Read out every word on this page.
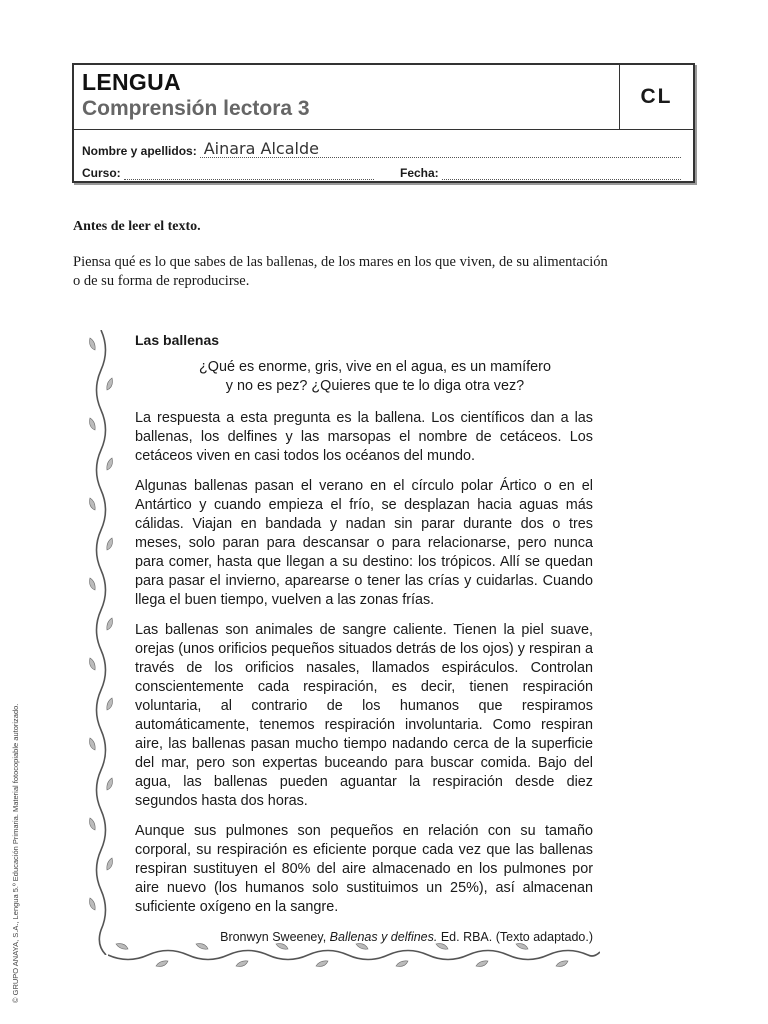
LENGUA
Comprensión lectora 3
CL
Nombre y apellidos: Ainara Alcalde
Curso:	Fecha:
Antes de leer el texto.
Piensa qué es lo que sabes de las ballenas, de los mares en los que viven, de su alimentación o de su forma de reproducirse.
Las ballenas
¿Qué es enorme, gris, vive en el agua, es un mamífero
y no es pez? ¿Quieres que te lo diga otra vez?

La respuesta a esta pregunta es la ballena. Los científicos dan a las ballenas, los delfines y las marsopas el nombre de cetáceos. Los cetáceos viven en casi todos los océanos del mundo.

Algunas ballenas pasan el verano en el círculo polar Ártico o en el Antártico y cuando empieza el frío, se desplazan hacia aguas más cálidas. Viajan en bandada y nadan sin parar durante dos o tres meses, solo paran para descansar o para relacionarse, pero nunca para comer, hasta que llegan a su destino: los trópicos. Allí se quedan para pasar el invierno, aparearse o tener las crías y cuidarlas. Cuando llega el buen tiempo, vuelven a las zonas frías.

Las ballenas son animales de sangre caliente. Tienen la piel suave, orejas (unos orificios pequeños situados detrás de los ojos) y respiran a través de los orificios nasales, llamados espiráculos. Controlan conscientemente cada respiración, es decir, tienen respiración voluntaria, al contrario de los humanos que respiramos automáticamente, tenemos respiración involuntaria. Como respiran aire, las ballenas pasan mucho tiempo nadando cerca de la superficie del mar, pero son expertas buceando para buscar comida. Bajo del agua, las ballenas pueden aguantar la respiración desde diez segundos hasta dos horas.

Aunque sus pulmones son pequeños en relación con su tamaño corporal, su respiración es eficiente porque cada vez que las ballenas respiran sustituyen el 80% del aire almacenado en los pulmones por aire nuevo (los humanos solo sustituimos un 25%), así almacenan suficiente oxígeno en la sangre.

Bronwyn Sweeney, Ballenas y delfines. Ed. RBA. (Texto adaptado.)
© GRUPO ANAYA, S.A., Lengua 5.º Educación Primaria. Material fotocopiable autorizado.
